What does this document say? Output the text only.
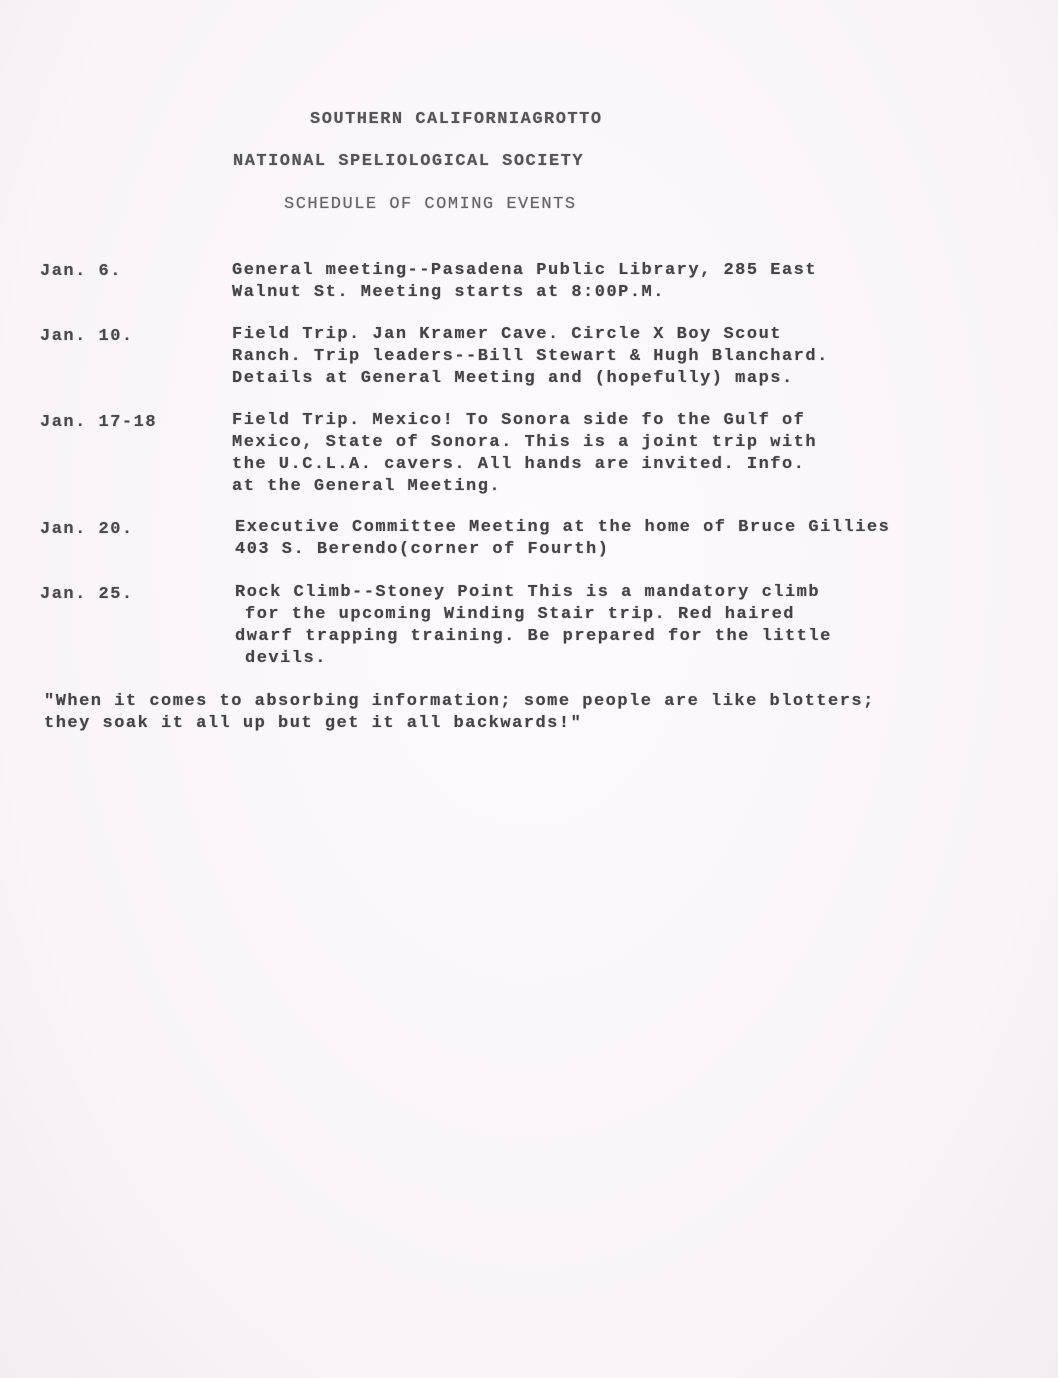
SOUTHERN CALIFORNIAGROTTO
NATIONAL SPELIOLOGICAL SOCIETY
SCHEDULE OF COMING EVENTS
Jan. 6.	General meeting--Pasadena Public Library, 285 East
Walnut St. Meeting starts at 8:00P.M.
Jan. 10.	Field Trip. Jan Kramer Cave. Circle X Boy Scout
Ranch. Trip leaders--Bill Stewart & Hugh Blanchard.
Details at General Meeting and (hopefully) maps.
Jan. 17-18	Field Trip. Mexico! To Sonora side fo the Gulf of
Mexico, State of Sonora. This is a joint trip with
the U.C.L.A. cavers. All hands are invited. Info.
at the General Meeting.
Jan. 20.	Executive Committee Meeting at the home of Bruce Gillies
403 S. Berendo(corner of Fourth)
Jan. 25.	Rock Climb--Stoney Point This is a mandatory climb
for the upcoming Winding Stair trip. Red haired
dwarf trapping training. Be prepared for the little
devils.
"When it comes to absorbing information; some people are like blotters;
they soak it all up but get it all backwards!"
